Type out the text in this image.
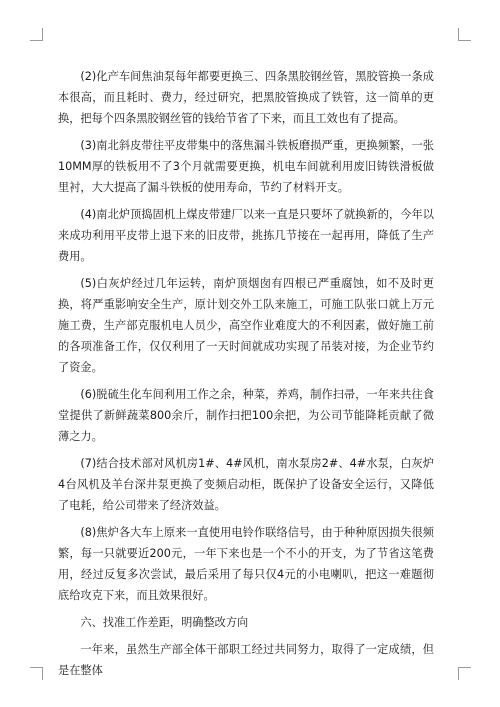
(2)化产车间焦油泵每年都要更换三、四条黑胶钢丝管，黑胶管换一条成本很高，而且耗时、费力，经过研究，把黑胶管换成了铁管，这一简单的更换，把每个四条黑胶钢丝管的钱给节省了下来，而且工效也有了提高。

(3)南北斜皮带往平皮带集中的落焦漏斗铁板磨损严重，更换频繁，一张10MM厚的铁板用不了3个月就需要更换，机电车间就利用废旧铸铁滑板做里衬，大大提高了漏斗铁板的使用寿命，节约了材料开支。

(4)南北炉顶捣固机上煤皮带建厂以来一直是只要坏了就换新的，今年以来成功利用平皮带上退下来的旧皮带，挑拣几节接在一起再用，降低了生产费用。

(5)白灰炉经过几年运转，南炉顶烟囱有四根已严重腐蚀，如不及时更换，将严重影响安全生产，原计划交外工队来施工，可施工队张口就上万元施工费，生产部克服机电人员少，高空作业难度大的不利因素，做好施工前的各项准备工作，仅仅利用了一天时间就成功实现了吊装对接，为企业节约了资金。

(6)脱硫生化车间利用工作之余，种菜，养鸡，制作扫帚，一年来共往食堂提供了新鲜蔬菜800余斤，制作扫把100余把，为公司节能降耗贡献了微薄之力。

(7)结合技术部对风机房1#、4#风机，南水泵房2#、4#水泵，白灰炉4台风机及羊台深井泵更换了变频启动柜，既保护了设备安全运行，又降低了电耗，给公司带来了经济效益。

(8)焦炉各大车上原来一直使用电铃作联络信号，由于种种原因损失很频繁，每一只就要近200元，一年下来也是一个不小的开支，为了节省这笔费用，经过反复多次尝试，最后采用了每只仅4元的小电喇叭，把这一难题彻底给攻克下来，而且效果很好。

六、找准工作差距，明确整改方向

一年来，虽然生产部全体干部职工经过共同努力，取得了一定成绩，但是在整体
